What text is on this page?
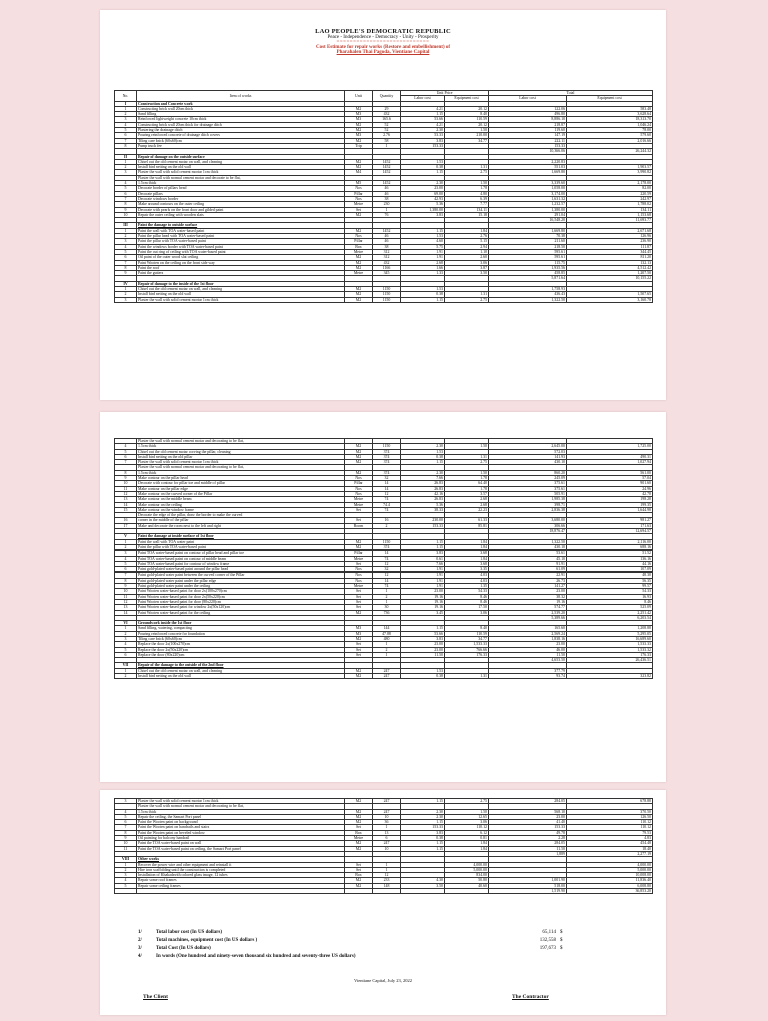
LAO PEOPLE'S DEMOCRATIC REPUBLIC
Peace - Independence - Democracy - Unity - Prosperity
============================
Cost Estimate for repair works (Restore and embellishment) of
Pharahalen Thai Pagoda, Vientiane Capital
No.	Item of works	Unit	Quantity	Unit Price		Total	
				Labor cost	Equipment cost	Labor cost	Equipment cost
I	Construction and Concrete work						
1	Constructing brick wall 20cm thick	M2	29	4.21	20.12	122.06	583.48
2	Sand filling	M3	432	1.15	8.40	496.80	3,628.64
3	Reinforced lightweight concrete 10cm thick	M3	165.6	53.66	110.59	8,886.10	18,313.70
4	Constructing brick wall 20cm thick for drainage ditch	M2	52	4.21	20.12	218.87	1,046.24
5	Plastering the drainage ditch	M2	52	2.30	1.50	119.60	78.00
6	Pouring reinforced concrete of drainage ditch covers	M3	2.76	53.33	210.00	147.19	579.60
7	Tiling care brick (60x60)cm	M2	58	3.83	34.77	222.11	2,016.66
8	Pump truck fee	Trip	1	153.33		153.33	
						10,366.06	26,244.32
II	Repair of damage on the outside surface						
1	Chisel out the old cement motar on wall, and cleaning	M2	1452	1.53		2,220.83	
2	Install bird netting on the old wall	M2	1452	0.38	1.31	551.03	1,903.57
3	Plaster the wall with solid cement mortar 1cm thick	M4	1452	1.15	2.75	1,669.80	3,990.82
	Plaster the wall with normal cement motar and decorate to be flat,						
4	1.5cm thick	M5	1452	2.30	1.50	3,339.60	2,178.00
5	Decorate border of pillars head	Nos	46	23.00	1.78	1,058.00	82.00
6	Decorate pillars	Pillar	46	69.00	4.80	3,174.00	220.59
7	Decorate windows border	Nos	38	42.93	6.39	1,631.32	242.97
8	Make around contours on the outer ceiling	Metre	230	5.36	7.77	1,232.57	1,788.02
9	Decorate with pearls on the front door and gilded paint	Set	1	1,380.00	134.11	1,380.00	134.11
10	Repair the outer ceiling with wooden slats	M2	76	3.83	15.18	291.04	1,153.68
						16,548.20	11,693.77
III	Paint the damage to outside surface						
1	Paint the wall with TOA water-based paint	M2	1452	1.15	1.84	1,669.80	2,671.68
2	Paint the pillar head with TOA water-based paint	Nos	46	1.53	2.76	70.38	126.96
3	Paint the pillar with TOA water-based paint	Pillar	46	4.60	5.15	211.60	236.90
4	Paint the windows border with TOA water-based paint	Box	38	5.75	2.94	218.50	111.87
5	Paint the out ring of ceiling with TOA water-based paint	Metre	312	1.91	1.10	595.61	344.45
6	Oil paint of the outer wood slat ceiling	M2	312	1.91	2.60	595.61	811.20
7	Paint Wooten on the ceiling on the front side way	M2	432	2.68	3.06	115.75	132.13
8	Paint the roof	M2	1166	1.66	3.87	1,935.56	4,512.42
9	Paint the gutters	Metre	345	1.33	3.50	458.85	1,207.50
						5,871.64	10,155.22
IV	Repair of damage to the inside of the 1st floor						
1	Chisel out the old cement motar on wall, and cleaning	M2	1150	1.53		1,758.93	
2	Install bird netting on the old wall	M2	1150	0.38	1.31	436.43	1,507.65
3	Plaster the wall with solid cement mortar 1cm thick	M2	1150	1.15	2.75	1,322.50	3,160.78
	Plaster the wall with normal cement motar and decorating to be flat,						
4	1.5cm thick	M2	1150	2.30	1.50	2,645.00	1,725.00
5	Chisel out the old cement motar corving the pillar, cleaning	M2	374	1.53		572.03	
6	Install bird netting on the old pillar	M2	374	0.38	1.31	141.93	490.31
7	Plaster the wall with solid cement mortar 1cm thick	M2	374	1.15	2.75	430.10	1,027.94
	Plaster the wall with normal cement motar and decorating to be flat,						
8	1.5cm thick	M2	374	2.30	1.50	860.20	561.00
9	Make contour on the pillar head	Nos	32	7.66	1.78	245.09	57.04
10	Decorate with contour for pillar toe and middle of pillar	Pillar	14	26.83	64.40	375.61	901.60
11	Make contour on the pillar edge	Nos	14	26.83	1.78	375.61	24.96
12	Make contour on the curved corner of the Pillar	Nos	12	42.16	3.57	505.91	42.78
13	Make contour on the middle beam	Metre	74	26.83	2.68	1,985.38	198.28
14	Make contour on the ceiling	Metre	74.4	5.36	2.68	398.71	199.35
15	Make contour on the window frame	Set	74	38.33	22.23	2,836.38	1,644.98
	Decorate the edge of the pillar, draw the border to make the curved						
16	corner in the middle of the pillar	Set	16	230.00	61.33	3,680.00	981.27
17	Make and decorate the room next to the left and right	Room	2	153.33	85.81	306.66	171.63
						18,876.47	12,694.57
V	Paint the damage at inside surface of 1st floor						
1	Paint the wall with TOA water paint	M2	1150	1.15	1.84	1,322.50	2,116.00
2	Paint the pillar with TOA water-based paint	M2	374	1.15	1.84	430.10	688.16

3	Paint TOA water-based paint on contour of pillar head and pillar toe	Pillar	14	3.83	3.68	53.61	51.52
4	Paint TOA water-based paint on contour of middle beam	Metre	74	0.61	1.84	45.10	136.16
5	Paint TOA water-based paint for contour of window frame	Set	12	7.66	3.68	91.91	44.16
6	Paint gold-plated water-based paint around the pillar head	Nos	32	1.91	3.35	61.09	107.09

7	Paint gold-plated water paint between the curved corner of the Pillar	Nos	12	1.91	4.03	22.91	48.30
8	Paint gold-plated water paint under the pillar edge	Nos	14	1.91	4.03	26.73	56.35
9	Paint gold-plated water paint under the ceiling	Metre	74	1.91	1.35	141.27	99.57
10	Paint Wooten water-based paint for door 2x(100x270)cm	Set	1	23.00	54.33	23.00	54.33
11	Paint Wooten water-based paint for door 2x(50x220)cm	Set	2	19.16	8.46	38.32	16.93
12	Paint Wooten water-based paint for door (80x220)cm	Set	1	19.16	8.46	19.16	8.46
13	Paint Wooten water-based paint for window 2x(50x120)cm	Set	30	19.16	17.50	574.77	525.09
14	Paint Wooten water-based paint for the ceiling	M2	736	3.45	3.06	2,539.20	2,251.42
						5,389.66	6,203.54
VI	Groundwork inside the 1st floor						
1	Sand filling, watering, compacting	M3	144	1.15	8.40	165.60	1,208.88
2	Pouring reinforced concrete for foundation	M3	47.88	53.66	110.59	2,569.24	5,295.05
3	Tiling care brick (60x60)cm	M2	480	3.83	34.77	1,838.16	16,689.60
4	Replace the door 2x(100x270)cm	Set	1	23.00	1,533.33	23.00	1,533.33
5	Replace the door 2x(50x220)cm	Set	2	23.00	766.66	46.00	1,533.32
6	Replace the door (80x220)cm	Set	1	11.50	176.33	11.50	176.33
						4,653.50	26,436.51
VII	Repair of the damage to the outside of the 2nd floor						
1	Chisel out the old cement motar on wall, and cleaning	M2	247	1.53		377.79	
2	Install bird netting on the old wall	M2	247	0.38	1.31	93.74	323.82
3	Plaster the wall with solid cement mortar 1cm thick	M2	247	1.15	2.75	284.05	678.88
	Plaster the wall with normal cement motar and decorating to be flat,						
4	1.5cm thick	M2	247	2.30	1.50	568.10	370.50
5	Repair the ceiling, the Samart Port panel	M2	10	2.30	12.65	23.00	126.50
6	Paint the Wooten paint on background	M2	36	1.15	3.06	41.40	110.12
7	Paint the Wooten paint on handrails and stairs	Set	1	153.33	110.12	153.33	110.12
8	Paint the Wooten paint on beveled window	Box	13	3.83	6.12	49.78	79.53
9	Oil painting for balcony handrail	Metre	6	0.38	0.81	2.28	4.83
10	Paint the TOA water-based paint on wall	M2	247	1.15	1.84	284.05	454.48
11	Paint the TOA water-based paint on ceiling, the Samart Port panel	M2	10	1.15	1.84	11.50	18.40
						1,889	2,277.19
VIII	Other works						
1	Recover the power wire and other equipment and reinstall it	Set	1		4,000.00		4,000.00
2	Hire iron scaffolding until the construction is completed	Set	1		5,000.00		5,000.00
3	Installation of Khakadavith colored glass image, 12 tubes	Box	12		834.00		10,008.00
4	Repair some roof frames	M2	233	4.30	50.80	1,001.90	11,836.40
5	Repair some ceiling frames	M2	148	3.50	40.60	518.00	6,008.80
						1,519.90	36,853.20
1/	Total labor cost (In US dollars)	65,114 $
2/	Total machines, equipment cost (In US dollars )	132,558 $
3/	Total Cost (In US dollars)	197,673 $
4/	In words (One hundred and ninety-seven thousand six hundred and seventy-three US dollars)
Vientiane Capital, July 23, 2022
The Client	The Contractor
